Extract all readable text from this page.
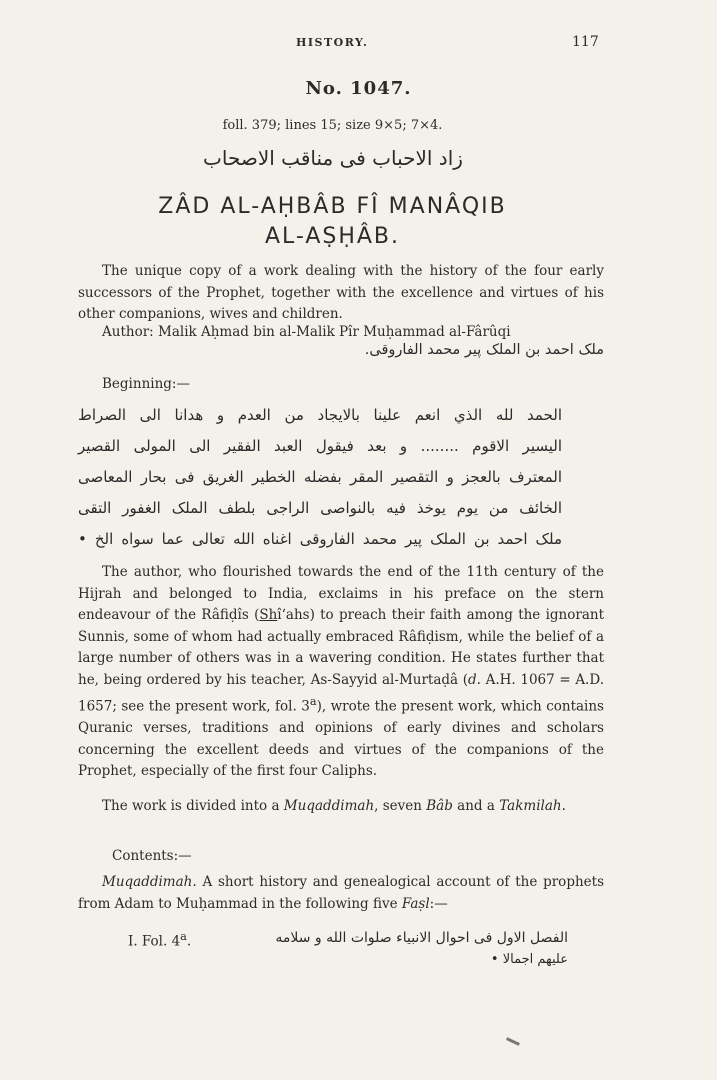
HISTORY.	117
No. 1047.
foll. 379; lines 15; size 9×5; 7×4.
زاد الاحباب فى مناقب الاصحاب
ZÂD AL-AḤBÂB FÎ MANÂQIB
AL-AṢḤÂB.
The unique copy of a work dealing with the history of the four early successors of the Prophet, together with the excellence and virtues of his other companions, wives and children.
Author: Malik Aḥmad bin al-Malik Pîr Muḥammad al-Fârûqi
ملک احمد بن الملک پیر محمد الفاروقی.
Beginning:—
الحمد لله الذي انعم علينا بالايجاد من العدم و هدانا الى الصراط
اليسير الاقوم ........ و بعد فيقول العبد الفقير الى المولى القصير
المعترف بالعجز و التقصير المقر بفضله الخطير الغريق فى بحار المعاصى
الخائف من يوم يوخذ فيه بالنواصى الراجى بلطف الملک الغفور التقى
ملک احمد بن الملک پیر محمد الفاروقى اغناه الله تعالى عما سواه الخ •
The author, who flourished towards the end of the 11th century of the Hijrah and belonged to India, exclaims in his preface on the stern endeavour of the Râfiḍîs (Shî‘ahs) to preach their faith among the ignorant Sunnis, some of whom had actually embraced Râfiḍism, while the belief of a large number of others was in a wavering condition. He states further that he, being ordered by his teacher, As-Sayyid al-Murtaḍâ (d. A.H. 1067 = A.D. 1657; see the present work, fol. 3$^a$), wrote the present work, which contains Quranic verses, traditions and opinions of early divines and scholars concerning the excellent deeds and virtues of the companions of the Prophet, especially of the first four Caliphs.
The work is divided into a Muqaddimah, seven Bâb and a Takmilah.
Contents:—
Muqaddimah. A short history and genealogical account of the prophets from Adam to Muḥammad in the following five Faṣl:—
I. Fol. 4$^a$.	الفصل الاول فى احوال الانبياء صلوات الله و سلامه
عليهم اجمالا •
